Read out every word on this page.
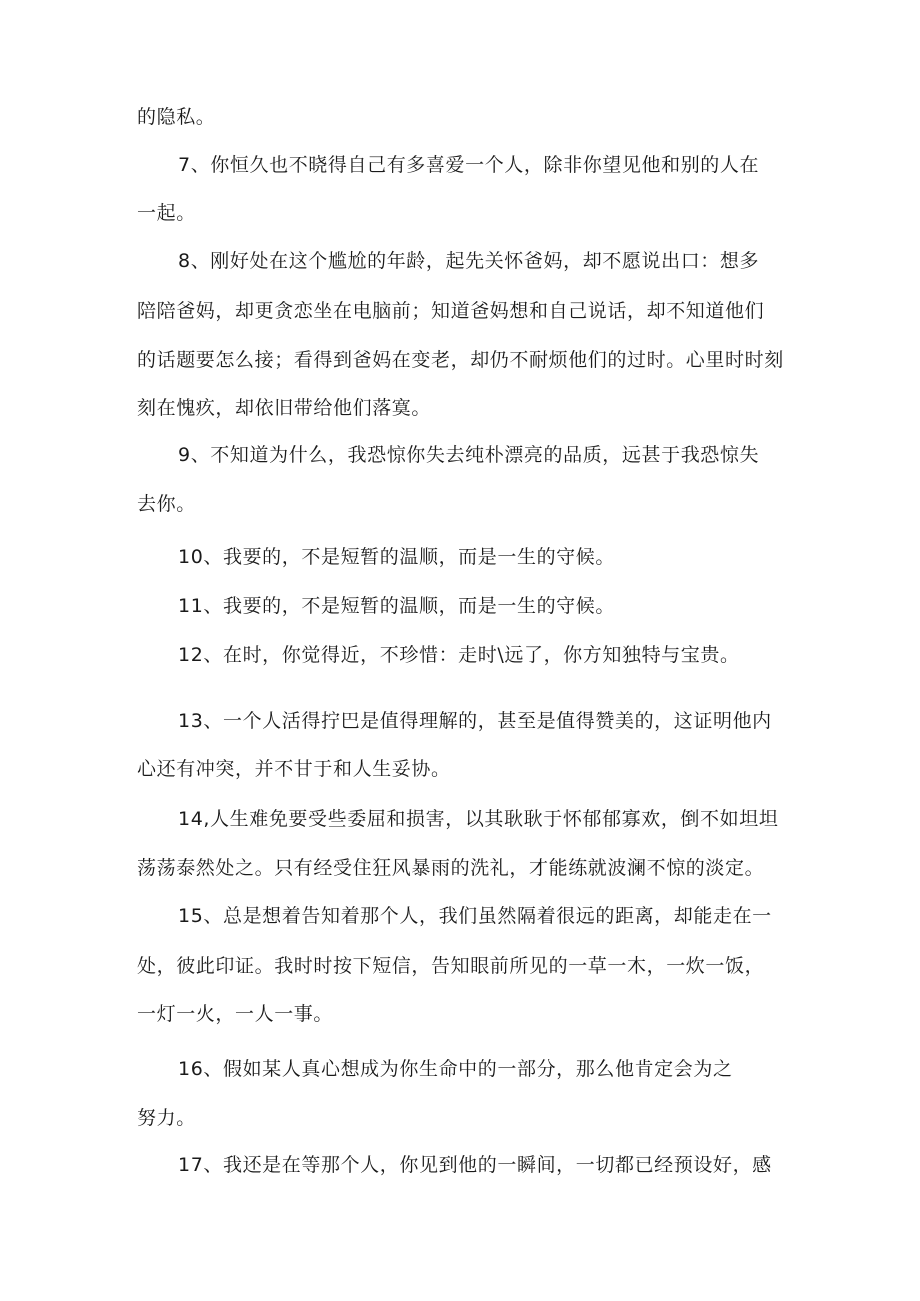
的隐私。
7、你恒久也不晓得自己有多喜爱一个人，除非你望见他和别的人在
一起。
8、刚好处在这个尴尬的年龄，起先关怀爸妈，却不愿说出口：想多
陪陪爸妈，却更贪恋坐在电脑前；知道爸妈想和自己说话，却不知道他们
的话题要怎么接；看得到爸妈在变老，却仍不耐烦他们的过时。心里时时刻
刻在愧疚，却依旧带给他们落寞。
9、不知道为什么，我恐惊你失去纯朴漂亮的品质，远甚于我恐惊失
去你。
10、我要的，不是短暂的温顺，而是一生的守候。
11、我要的，不是短暂的温顺，而是一生的守候。
12、在时，你觉得近，不珍惜：走时\远了，你方知独特与宝贵。
13、一个人活得拧巴是值得理解的，甚至是值得赞美的，这证明他内
心还有冲突，并不甘于和人生妥协。
14,人生难免要受些委屈和损害，以其耿耿于怀郁郁寡欢，倒不如坦坦
荡荡泰然处之。只有经受住狂风暴雨的洗礼，才能练就波澜不惊的淡定。
15、总是想着告知着那个人，我们虽然隔着很远的距离，却能走在一
处，彼此印证。我时时按下短信，告知眼前所见的一草一木，一炊一饭，
一灯一火，一人一事。
16、假如某人真心想成为你生命中的一部分，那么他肯定会为之
努力。
17、我还是在等那个人，你见到他的一瞬间，一切都已经预设好，感
